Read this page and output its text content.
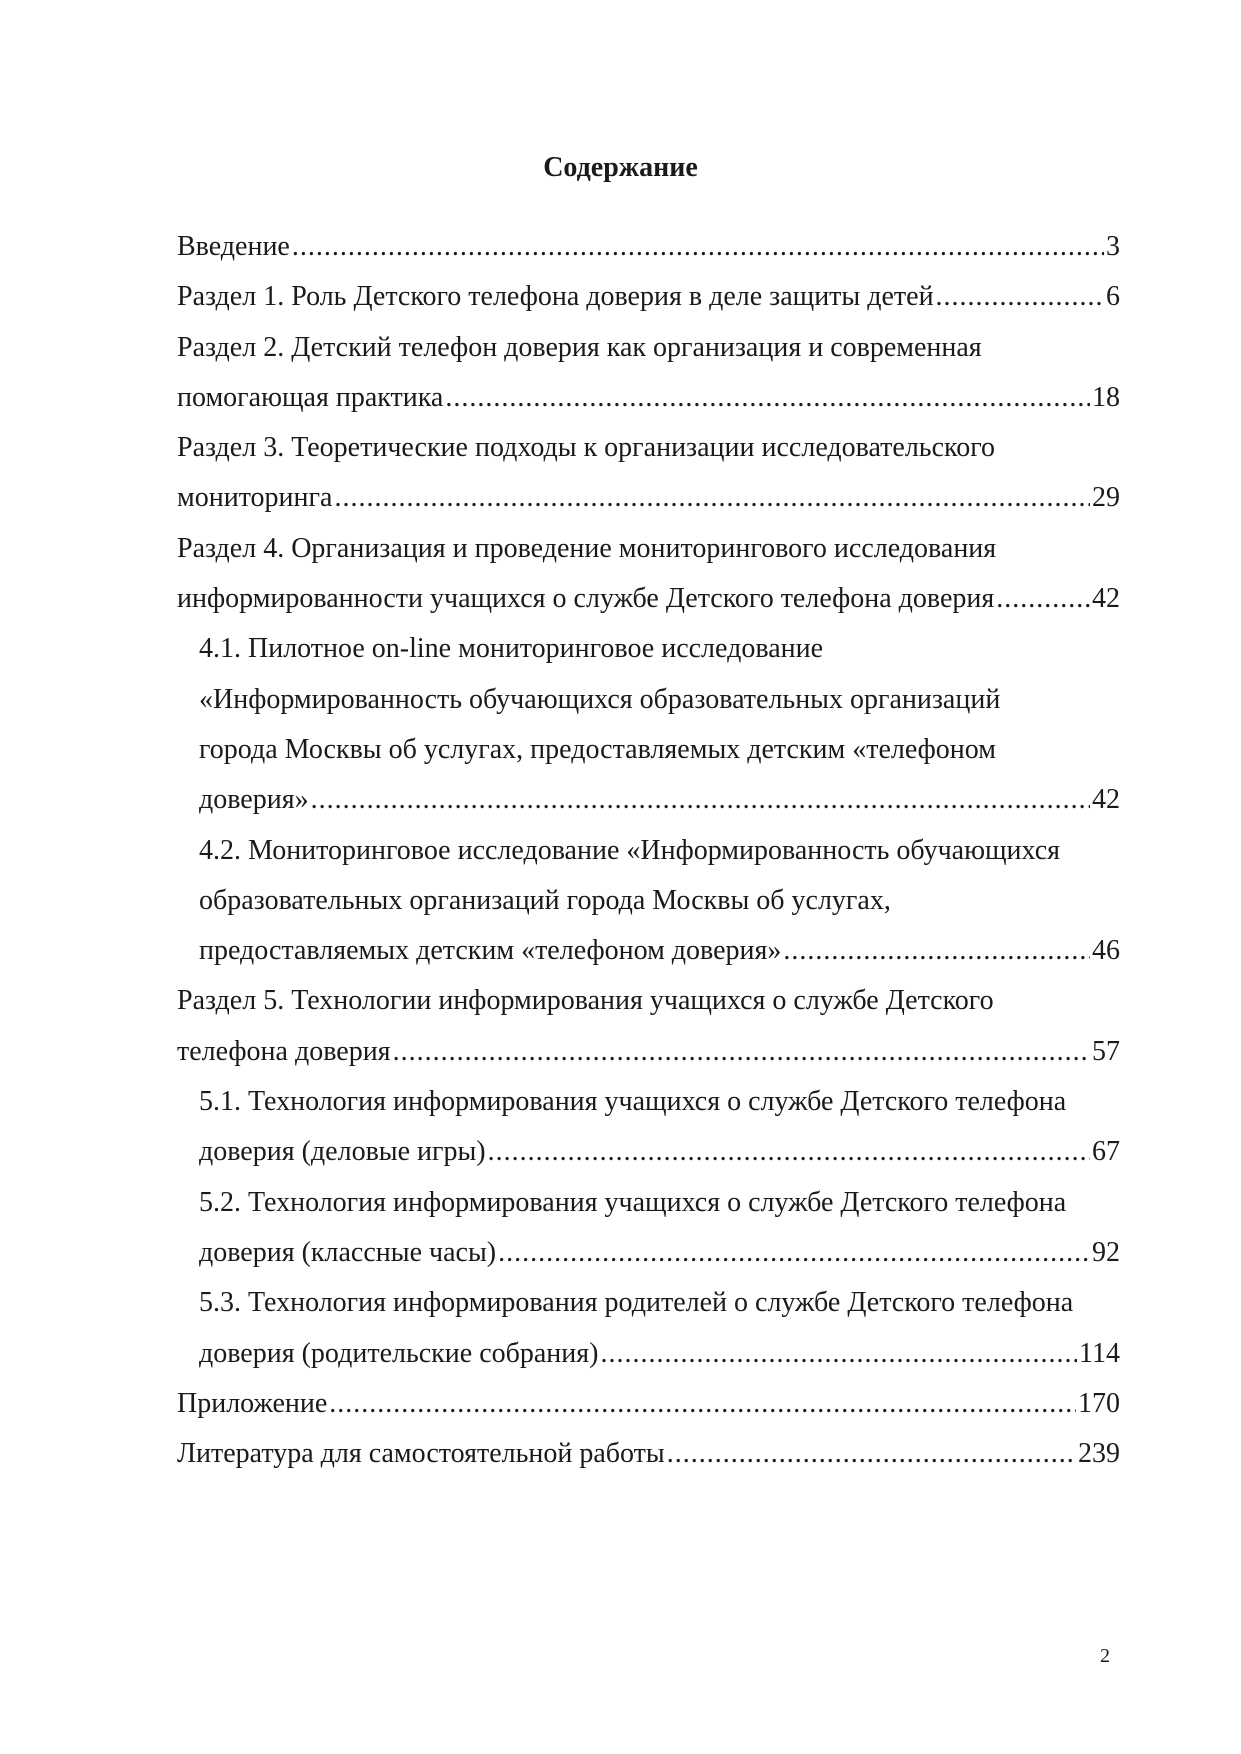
Содержание
Введение .....	3
Раздел 1. Роль Детского телефона доверия в деле защиты детей .....	6
Раздел 2. Детский телефон доверия как организация и современная
помогающая практика .....	18
Раздел 3. Теоретические подходы к организации исследовательского
мониторинга .....	29
Раздел 4. Организация и проведение мониторингового исследования
информированности учащихся о службе Детского телефона доверия .....	42
4.1. Пилотное on-line мониторинговое исследование
«Информированность обучающихся образовательных организаций
города Москвы об услугах, предоставляемых детским «телефоном
доверия» .....	42
4.2. Мониторинговое исследование «Информированность обучающихся
образовательных организаций города Москвы об услугах,
предоставляемых детским «телефоном доверия» .....	46
Раздел 5. Технологии информирования учащихся о службе Детского
телефона доверия .....	57
5.1. Технология информирования учащихся о службе Детского телефона
доверия (деловые игры) .....	67
5.2. Технология информирования учащихся о службе Детского телефона
доверия (классные часы) .....	92
5.3. Технология информирования родителей о службе Детского телефона
доверия (родительские собрания) .....	114
Приложение .....	170
Литература для самостоятельной работы .....	239
2
